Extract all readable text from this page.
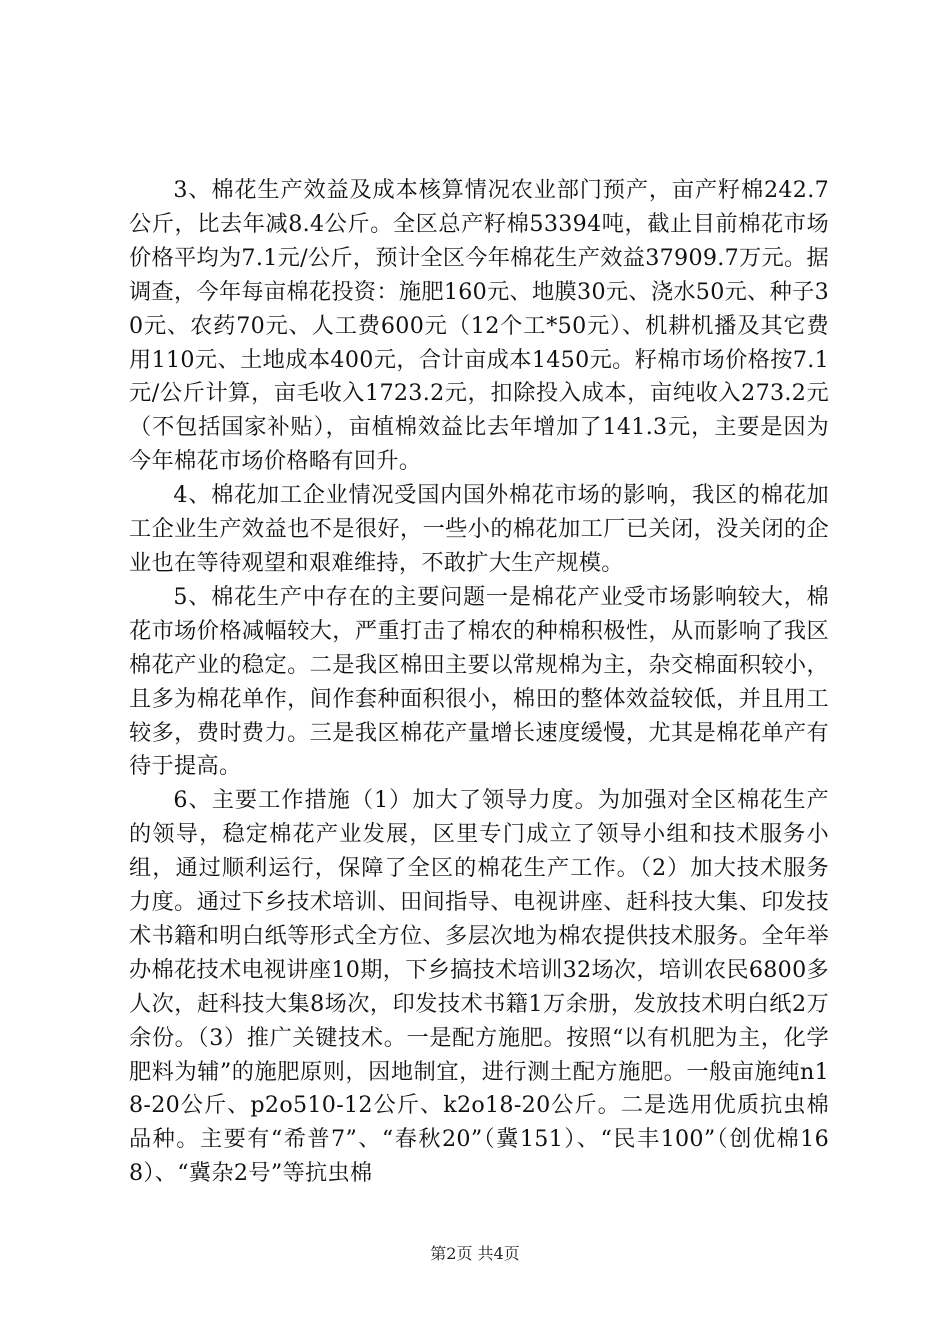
3、棉花生产效益及成本核算情况农业部门预产，亩产籽棉242.7公斤，比去年减8.4公斤。全区总产籽棉53394吨，截止目前棉花市场价格平均为7.1元/公斤，预计全区今年棉花生产效益37909.7万元。据调查，今年每亩棉花投资：施肥160元、地膜30元、浇水50元、种子30元、农药70元、人工费600元（12个工*50元）、机耕机播及其它费用110元、土地成本400元，合计亩成本1450元。籽棉市场价格按7.1元/公斤计算，亩毛收入1723.2元，扣除投入成本，亩纯收入273.2元（不包括国家补贴），亩植棉效益比去年增加了141.3元，主要是因为今年棉花市场价格略有回升。

4、棉花加工企业情况受国内国外棉花市场的影响，我区的棉花加工企业生产效益也不是很好，一些小的棉花加工厂已关闭，没关闭的企业也在等待观望和艰难维持，不敢扩大生产规模。

5、棉花生产中存在的主要问题一是棉花产业受市场影响较大，棉花市场价格减幅较大，严重打击了棉农的种棉积极性，从而影响了我区棉花产业的稳定。二是我区棉田主要以常规棉为主，杂交棉面积较小，且多为棉花单作，间作套种面积很小，棉田的整体效益较低，并且用工较多，费时费力。三是我区棉花产量增长速度缓慢，尤其是棉花单产有待于提高。

6、主要工作措施（1）加大了领导力度。为加强对全区棉花生产的领导，稳定棉花产业发展，区里专门成立了领导小组和技术服务小组，通过顺利运行，保障了全区的棉花生产工作。（2）加大技术服务力度。通过下乡技术培训、田间指导、电视讲座、赶科技大集、印发技术书籍和明白纸等形式全方位、多层次地为棉农提供技术服务。全年举办棉花技术电视讲座10期，下乡搞技术培训32场次，培训农民6800多人次，赶科技大集8场次，印发技术书籍1万余册，发放技术明白纸2万余份。（3）推广关键技术。一是配方施肥。按照“以有机肥为主，化学肥料为辅”的施肥原则，因地制宜，进行测土配方施肥。一般亩施纯n18-20公斤、p2o510-12公斤、k2o18-20公斤。二是选用优质抗虫棉品种。主要有“希普7”、“春秋20”（冀151）、“民丰100”（创优棉168）、“冀杂2号”等抗虫棉

第2页 共4页
